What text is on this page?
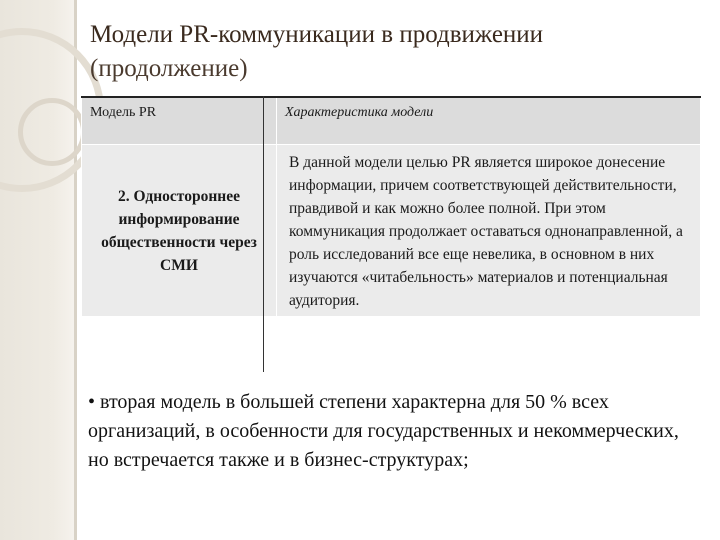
Модели PR-коммуникации в продвижении
(продолжение)
Модель PR	Характеристика модели
2. Одностороннее информирование общественности через СМИ	В данной модели целью PR является широкое донесение информации, причем соответствующей действительности, правдивой и как можно более полной. При этом коммуникация продолжает оставаться однонаправленной, а роль исследований все еще невелика, в основном в них изучаются «читабельность» материалов и потенциальная аудитория.
• вторая модель в большей степени характерна для 50 % всех организаций, в особенности для государственных и некоммерческих, но встречается также и в бизнес-структурах;
